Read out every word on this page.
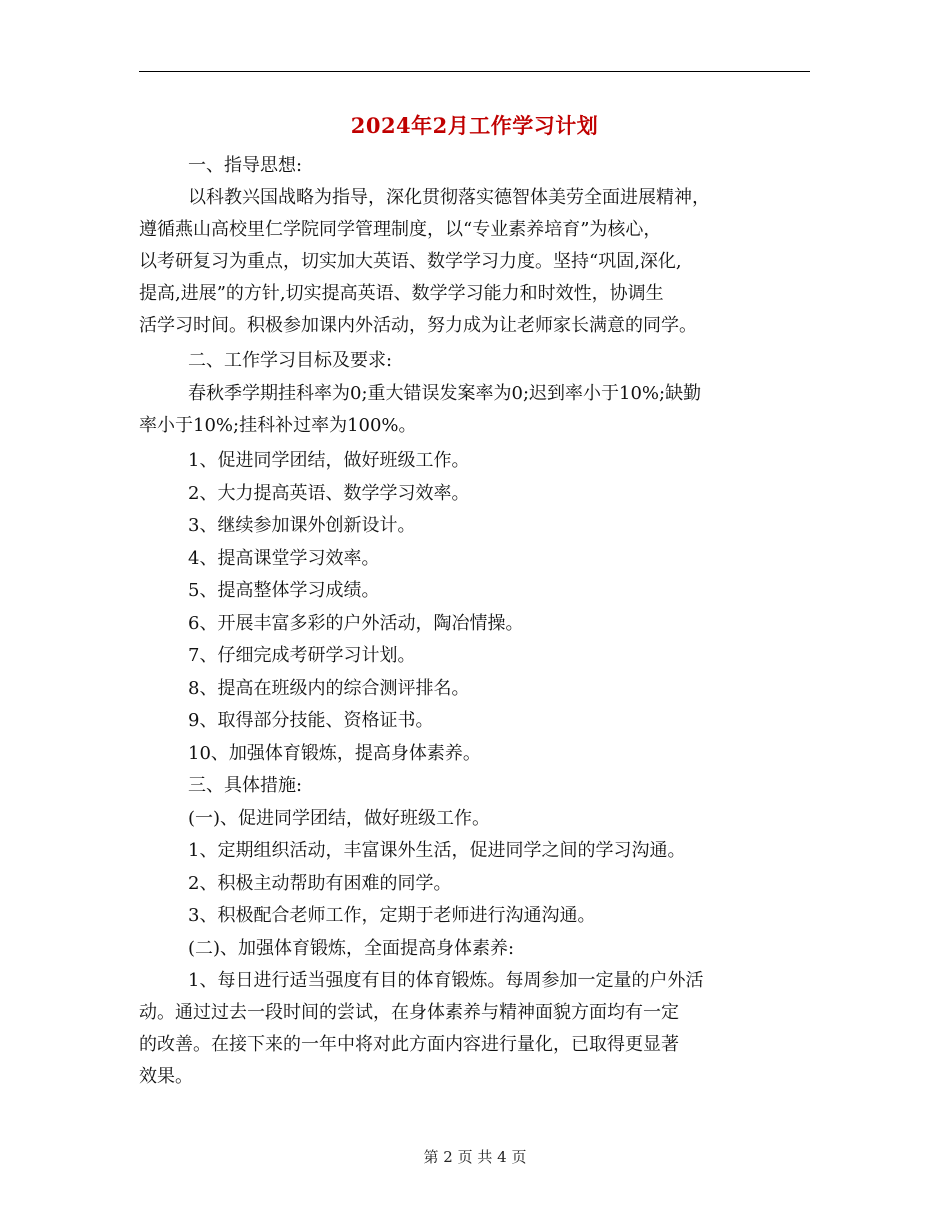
2024年2月工作学习计划
一、指导思想:
以科教兴国战略为指导，深化贯彻落实德智体美劳全面进展精神，
遵循燕山高校里仁学院同学管理制度，以“专业素养培育”为核心，
以考研复习为重点，切实加大英语、数学学习力度。坚持“巩固,深化,
提高,进展”的方针,切实提高英语、数学学习能力和时效性，协调生
活学习时间。积极参加课内外活动，努力成为让老师家长满意的同学。
二、工作学习目标及要求:
春秋季学期挂科率为0;重大错误发案率为0;迟到率小于10%;缺勤
率小于10%;挂科补过率为100%。
1、促进同学团结，做好班级工作。
2、大力提高英语、数学学习效率。
3、继续参加课外创新设计。
4、提高课堂学习效率。
5、提高整体学习成绩。
6、开展丰富多彩的户外活动，陶冶情操。
7、仔细完成考研学习计划。
8、提高在班级内的综合测评排名。
9、取得部分技能、资格证书。
10、加强体育锻炼，提高身体素养。
三、具体措施:
(一)、促进同学团结，做好班级工作。
1、定期组织活动，丰富课外生活，促进同学之间的学习沟通。
2、积极主动帮助有困难的同学。
3、积极配合老师工作，定期于老师进行沟通沟通。
(二)、加强体育锻炼，全面提高身体素养:
1、每日进行适当强度有目的体育锻炼。每周参加一定量的户外活
动。通过过去一段时间的尝试，在身体素养与精神面貌方面均有一定
的改善。在接下来的一年中将对此方面内容进行量化，已取得更显著
效果。
第 2 页 共 4 页
